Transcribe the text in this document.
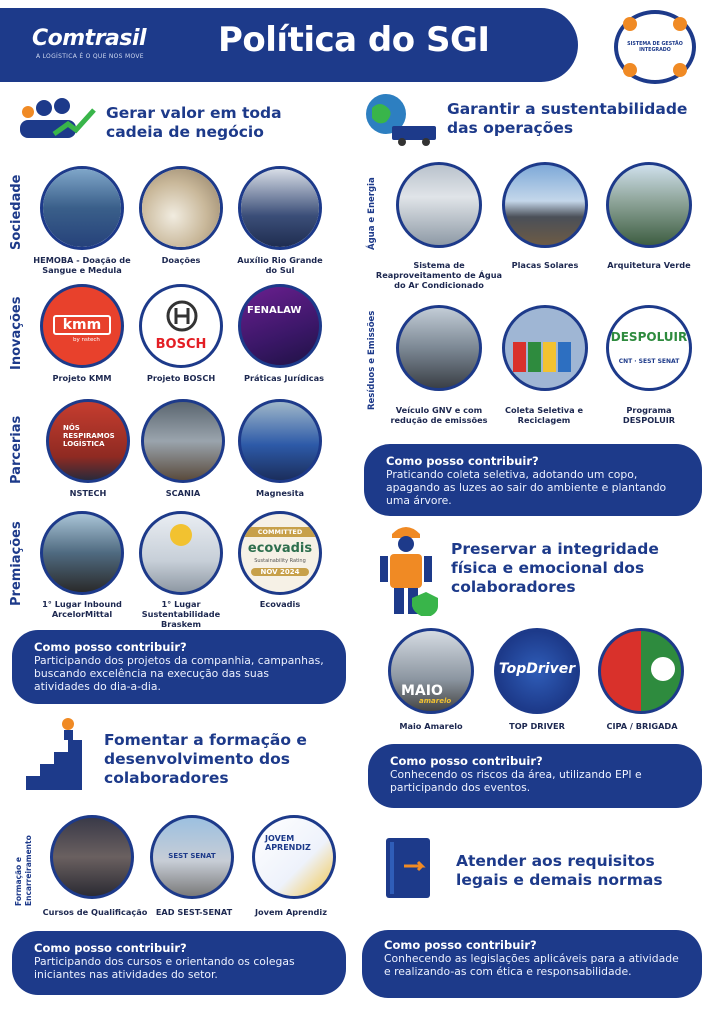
Comtrasil
A LOGÍSTICA É O QUE NOS MOVE Política do SGI	SISTEMA DE GESTÃO INTEGRADO
Gerar valor em toda
cadeia de negócio
Sociedade
Inovações
Parcerias
Premiações
HEMOBA - Doação de Sangue e Medula
Doações	Auxílio Rio Grande do Sul
kmm
by nstech
Projeto KMM
BOSCH
Projeto BOSCH
FENALAW
Práticas Jurídicas
NÓS RESPIRAMOS LOGÍSTICA
NSTECH	SCANIA	Magnesita
1° Lugar Inbound ArcelorMittal
1° Lugar Sustentabilidade Braskem
COMMITTED
ecovadis
Sustainability Rating
NOV 2024
Ecovadis
Como posso contribuir?
Participando dos projetos da companhia, campanhas, buscando excelência na execução das suas atividades do dia-a-dia.
Fomentar a formação e
desenvolvimento dos
colaboradores
Formação e Encarreiramento
Cursos de Qualificação
SEST SENAT
EAD SEST-SENAT
JOVEM APRENDIZ
Jovem Aprendiz
Como posso contribuir?
Participando dos cursos e orientando os colegas iniciantes nas atividades do setor.
Garantir a sustentabilidade
das operações
Água e Energia
Resíduos e Emissões
Sistema de Reaproveitamento de Água do Ar Condicionado
Placas Solares	Arquitetura Verde
Veículo GNV e com redução de emissões
Coleta Seletiva e Reciclagem
DESPOLUIR
CNT · SEST SENAT
Programa DESPOLUIR
Como posso contribuir?
Praticando coleta seletiva, adotando um copo, apagando as luzes ao sair do ambiente e plantando uma árvore.
Preservar a integridade
física e emocional dos
colaboradores
MAIO
amarelo
Maio Amarelo
TopDriver
TOP DRIVER	CIPA / BRIGADA
Como posso contribuir?
Conhecendo os riscos da área, utilizando EPI e participando dos eventos.
Atender aos requisitos
legais e demais normas
Como posso contribuir?
Conhecendo as legislações aplicáveis para a atividade e realizando-as com ética e responsabilidade.
